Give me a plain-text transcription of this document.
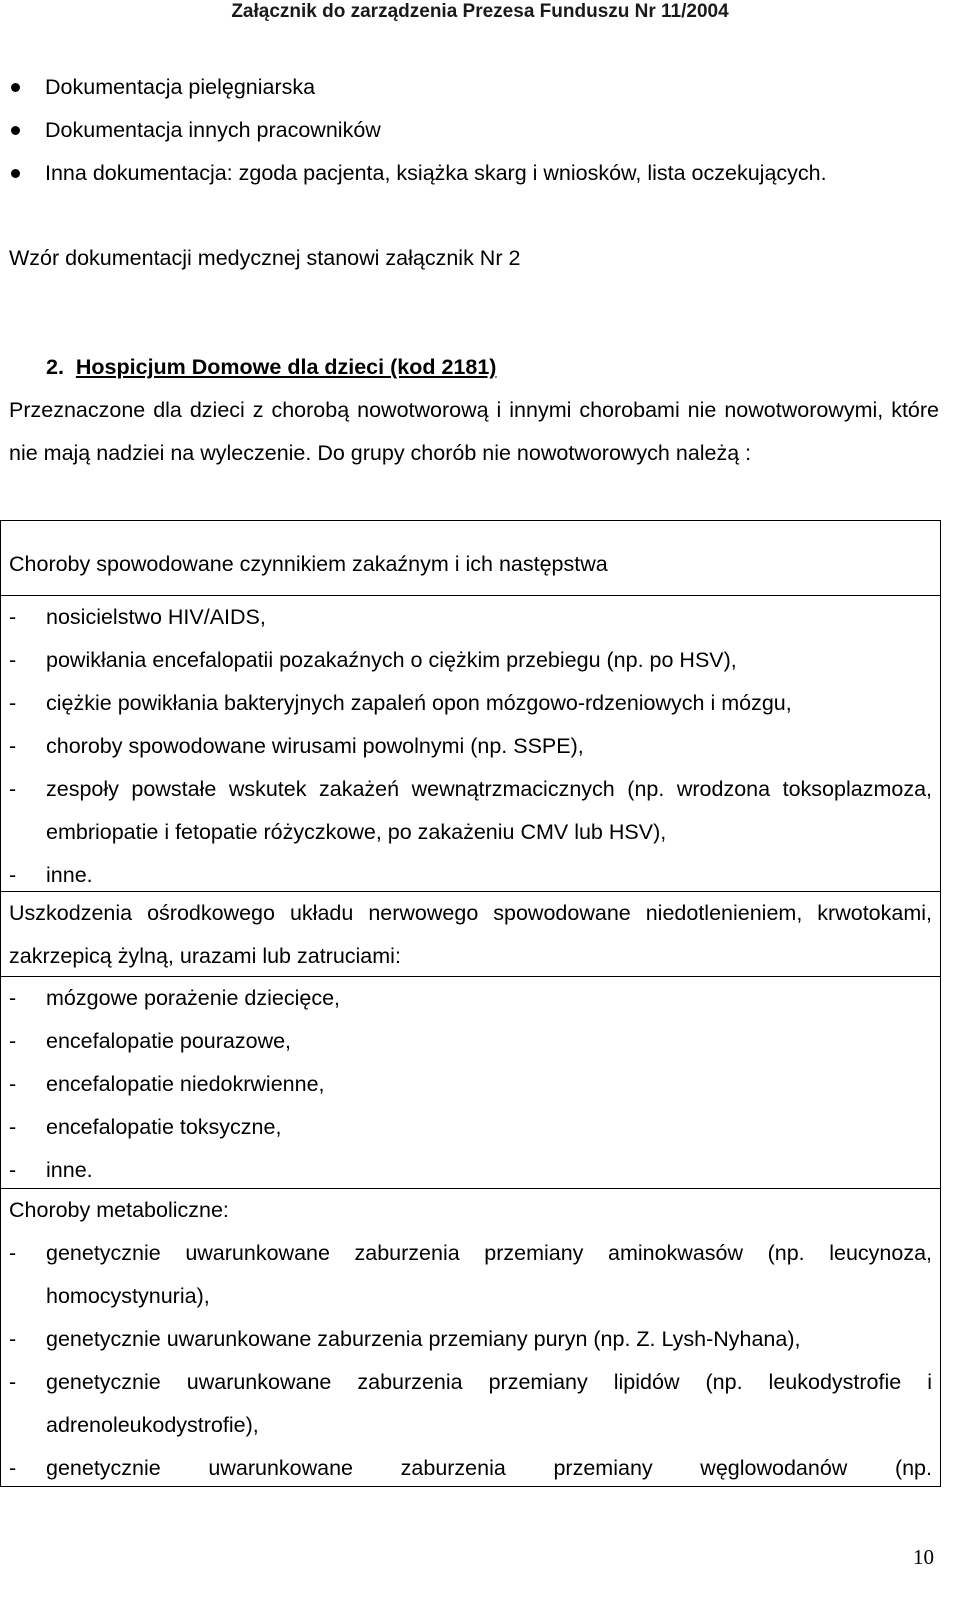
Załącznik do zarządzenia Prezesa Funduszu Nr 11/2004
Dokumentacja pielęgniarska
Dokumentacja innych pracowników
Inna dokumentacja: zgoda pacjenta, książka skarg i wniosków, lista oczekujących.
Wzór dokumentacji medycznej stanowi załącznik Nr 2
2. Hospicjum Domowe dla dzieci (kod 2181)
Przeznaczone dla dzieci z chorobą nowotworową i innymi chorobami nie nowotworowymi, które nie mają nadziei na wyleczenie. Do grupy chorób nie nowotworowych należą :
Choroby spowodowane czynnikiem zakaźnym i ich następstwa
- nosicielstwo HIV/AIDS,
- powikłania encefalopatii pozakaźnych o ciężkim przebiegu (np. po HSV),
- ciężkie powikłania bakteryjnych zapaleń opon mózgowo-rdzeniowych i mózgu,
- choroby spowodowane wirusami powolnymi (np. SSPE),
- zespoły powstałe wskutek zakażeń wewnątrzmacicznych (np. wrodzona toksoplazmoza, embriopatie i fetopatie różyczkowe, po zakażeniu CMV lub HSV),
- inne.
Uszkodzenia ośrodkowego układu nerwowego spowodowane niedotlenieniem, krwotokami, zakrzepicą żylną, urazami lub zatruciami:
- mózgowe porażenie dziecięce,
- encefalopatie pourazowe,
- encefalopatie niedokrwienne,
- encefalopatie toksyczne,
- inne.
Choroby metaboliczne:
- genetycznie uwarunkowane zaburzenia przemiany aminokwasów (np. leucynoza, homocystynuria),
- genetycznie uwarunkowane zaburzenia przemiany puryn (np. Z. Lysh-Nyhana),
- genetycznie uwarunkowane zaburzenia przemiany lipidów (np. leukodystrofie i adrenoleukodystrofie),
- genetycznie uwarunkowane zaburzenia przemiany węglowodanów (np.
10
